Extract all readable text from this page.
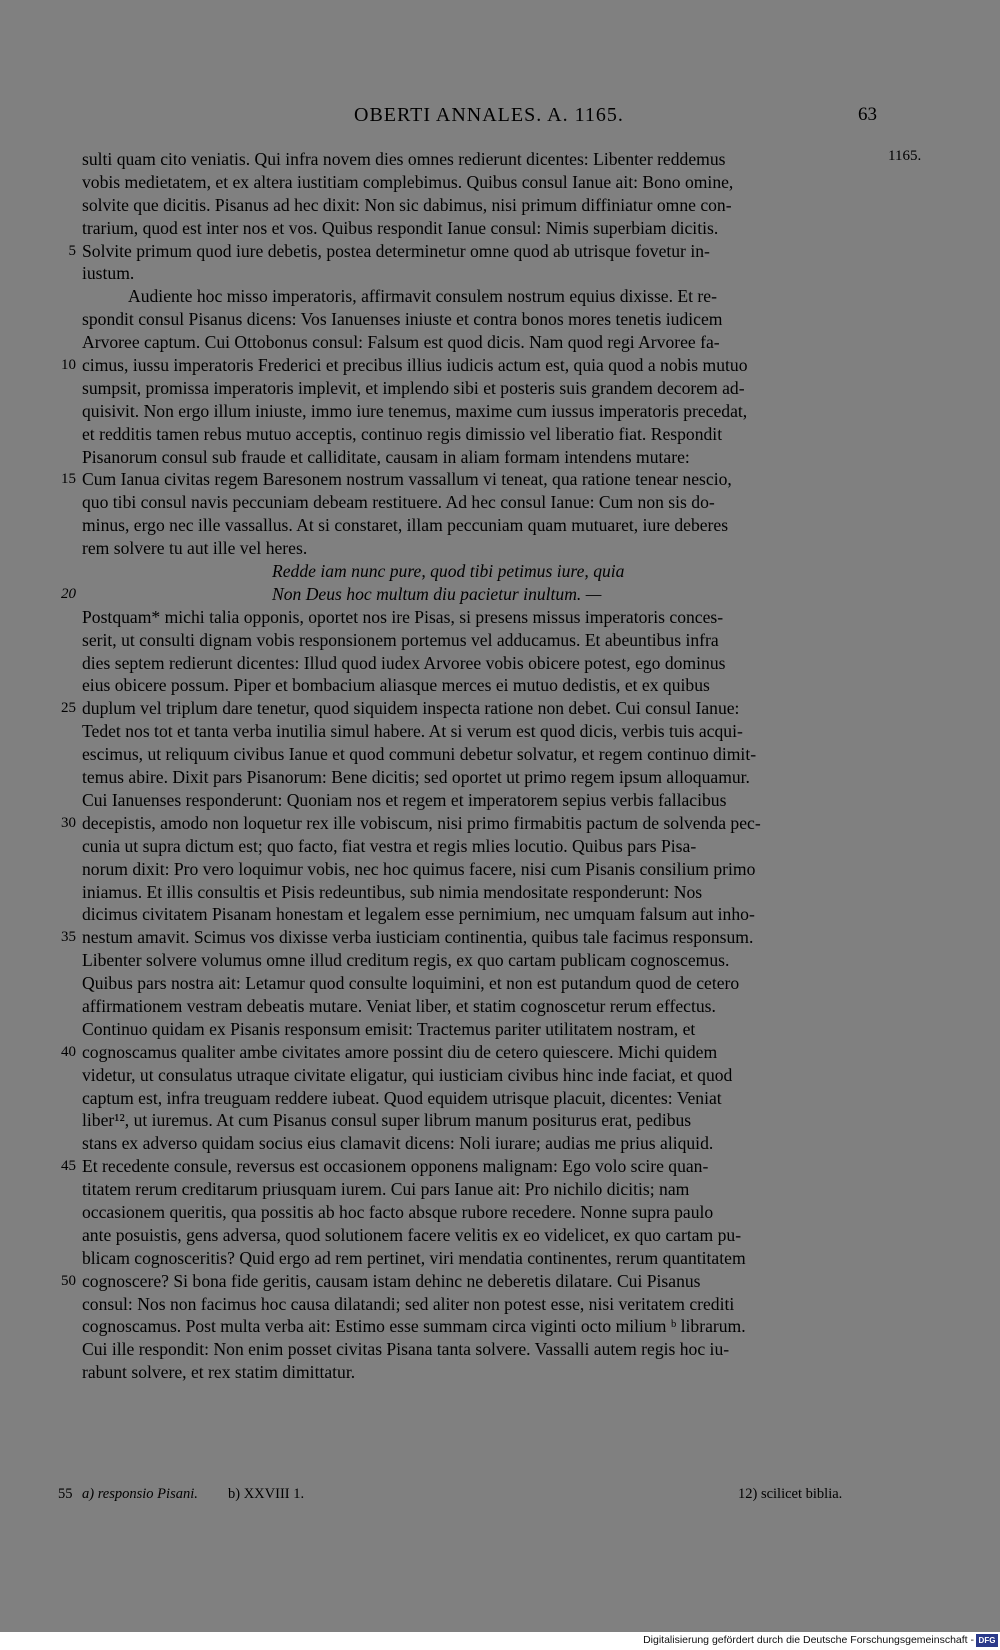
OBERTI ANNALES. A. 1165.	63
1165.
sulti quam cito veniatis. Qui infra novem dies omnes redierunt dicentes: Libenter reddemus
vobis medietatem, et ex altera iustitiam complebimus. Quibus consul Ianue ait: Bono omine,
solvite que dicitis. Pisanus ad hec dixit: Non sic dabimus, nisi primum diffiniatur omne con-
trarium, quod est inter nos et vos. Quibus respondit Ianue consul: Nimis superbiam dicitis.
5 Solvite primum quod iure debetis, postea determinetur omne quod ab utrisque fovetur in-
iustum.
Audiente hoc misso imperatoris, affirmavit consulem nostrum equius dixisse. Et re-
spondit consul Pisanus dicens: Vos Ianuenses iniuste et contra bonos mores tenetis iudicem
Arvoree captum. Cui Ottobonus consul: Falsum est quod dicis. Nam quod regi Arvoree fa-
10 cimus, iussu imperatoris Frederici et precibus illius iudicis actum est, quia quod a nobis mutuo
sumpsit, promissa imperatoris implevit, et implendo sibi et posteris suis grandem decorem ad-
quisivit. Non ergo illum iniuste, immo iure tenemus, maxime cum iussus imperatoris precedat,
et redditis tamen rebus mutuo acceptis, continuo regis dimissio vel liberatio fiat. Respondit
Pisanorum consul sub fraude et calliditate, causam in aliam formam intendens mutare:
15 Cum Ianua civitas regem Baresonem nostrum vassallum vi teneat, qua ratione tenear nescio,
quo tibi consul navis peccuniam debeam restituere. Ad hec consul Ianue: Cum non sis do-
minus, ergo nec ille vassallus. At si constaret, illam peccuniam quam mutuaret, iure deberes
rem solvere tu aut ille vel heres.
Redde iam nunc pure, quod tibi petimus iure, quia
20	Non Deus hoc multum diu pacietur inultum. —
Postquam* michi talia opponis, oportet nos ire Pisas, si presens missus imperatoris conces-
serit, ut consulti dignam vobis responsionem portemus vel adducamus. Et abeuntibus infra
dies septem redierunt dicentes: Illud quod iudex Arvoree vobis obicere potest, ego dominus
eius obicere possum. Piper et bombacium aliasque merces ei mutuo dedistis, et ex quibus
25 duplum vel triplum dare tenetur, quod siquidem inspecta ratione non debet. Cui consul Ianue:
Tedet nos tot et tanta verba inutilia simul habere. At si verum est quod dicis, verbis tuis acqui-
escimus, ut reliquum civibus Ianue et quod communi debetur solvatur, et regem continuo dimit-
temus abire. Dixit pars Pisanorum: Bene dicitis; sed oportet ut primo regem ipsum alloquamur.
Cui Ianuenses responderunt: Quoniam nos et regem et imperatorem sepius verbis fallacibus
30 decepistis, amodo non loquetur rex ille vobiscum, nisi primo firmabitis pactum de solvenda pec-
cunia ut supra dictum est; quo facto, fiat vestra et regis mlies locutio. Quibus pars Pisa-
norum dixit: Pro vero loquimur vobis, nec hoc quimus facere, nisi cum Pisanis consilium primo
iniamus. Et illis consultis et Pisis redeuntibus, sub nimia mendositate responderunt: Nos
dicimus civitatem Pisanam honestam et legalem esse pernimium, nec umquam falsum aut inho-
35 nestum amavit. Scimus vos dixisse verba iusticiam continentia, quibus tale facimus responsum.
Libenter solvere volumus omne illud creditum regis, ex quo cartam publicam cognoscemus.
Quibus pars nostra ait: Letamur quod consulte loquimini, et non est putandum quod de cetero
affirmationem vestram debeatis mutare. Veniat liber, et statim cognoscetur rerum effectus.
Continuo quidam ex Pisanis responsum emisit: Tractemus pariter utilitatem nostram, et
40 cognoscamus qualiter ambe civitates amore possint diu de cetero quiescere. Michi quidem
videtur, ut consulatus utraque civitate eligatur, qui iusticiam civibus hinc inde faciat, et quod
captum est, infra treuguam reddere iubeat. Quod equidem utrisque placuit, dicentes: Veniat
liber¹², ut iuremus. At cum Pisanus consul super librum manum positurus erat, pedibus
stans ex adverso quidam socius eius clamavit dicens: Noli iurare; audias me prius aliquid.
45 Et recedente consule, reversus est occasionem opponens malignam: Ego volo scire quan-
titatem rerum creditarum priusquam iurem. Cui pars Ianue ait: Pro nichilo dicitis; nam
occasionem queritis, qua possitis ab hoc facto absque rubore recedere. Nonne supra paulo
ante posuistis, gens adversa, quod solutionem facere velitis ex eo videlicet, ex quo cartam pu-
blicam cognosceritis? Quid ergo ad rem pertinet, viri mendatia continentes, rerum quantitatem
50 cognoscere? Si bona fide geritis, causam istam dehinc ne deberetis dilatare. Cui Pisanus
consul: Nos non facimus hoc causa dilatandi; sed aliter non potest esse, nisi veritatem crediti
cognoscamus. Post multa verba ait: Estimo esse summam circa viginti octo milium ᵇ librarum.
Cui ille respondit: Non enim posset civitas Pisana tanta solvere. Vassalli autem regis hoc iu-
rabunt solvere, et rex statim dimittatur.
55 a) responsio Pisani. b) XXVIII 1.	12) scilicet biblia.
Digitalisierung gefördert durch die Deutsche Forschungsgemeinschaft - DFG
